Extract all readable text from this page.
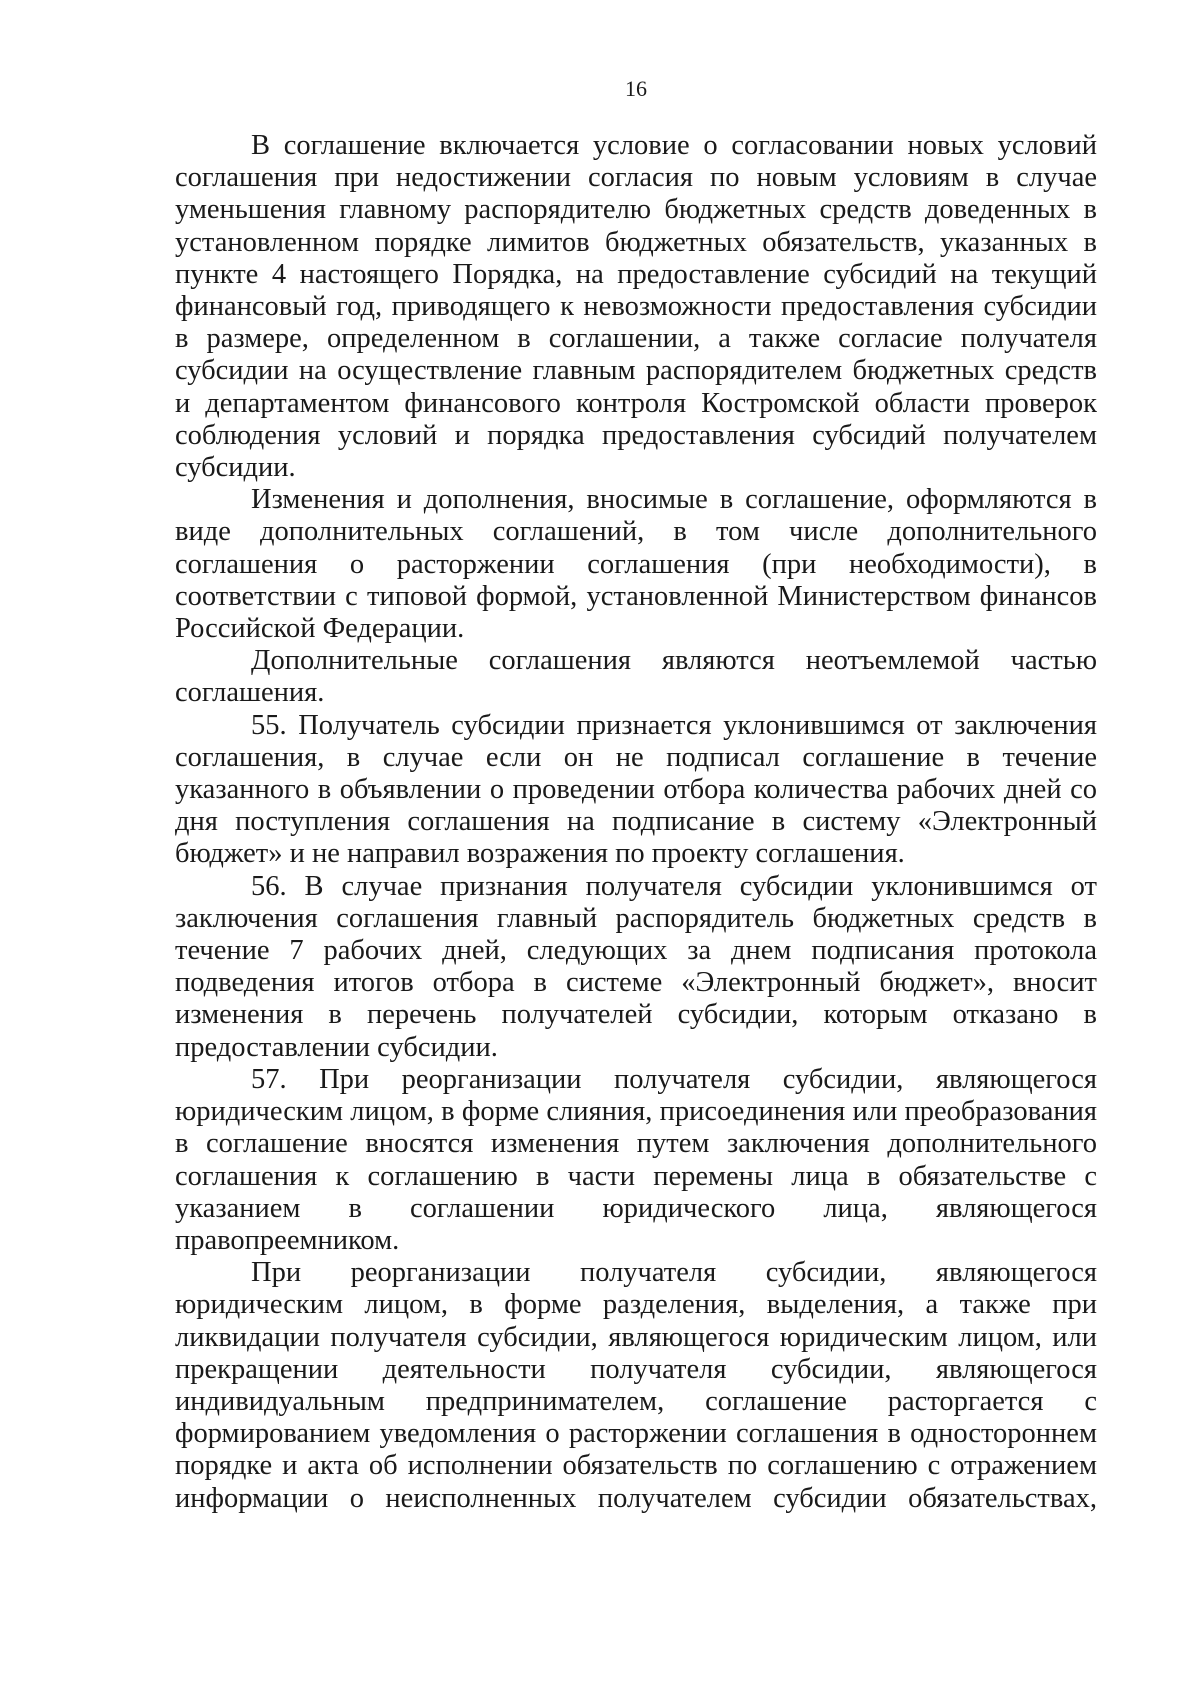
16

В соглашение включается условие о согласовании новых условий соглашения при недостижении согласия по новым условиям в случае уменьшения главному распорядителю бюджетных средств доведенных в установленном порядке лимитов бюджетных обязательств, указанных в пункте 4 настоящего Порядка, на предоставление субсидий на текущий финансовый год, приводящего к невозможности предоставления субсидии в размере, определенном в соглашении, а также согласие получателя субсидии на осуществление главным распорядителем бюджетных средств и департаментом финансового контроля Костромской области проверок соблюдения условий и порядка предоставления субсидий получателем субсидии.

Изменения и дополнения, вносимые в соглашение, оформляются в виде дополнительных соглашений, в том числе дополнительного соглашения о расторжении соглашения (при необходимости), в соответствии с типовой формой, установленной Министерством финансов Российской Федерации.

Дополнительные соглашения являются неотъемлемой частью соглашения.

55. Получатель субсидии признается уклонившимся от заключения соглашения, в случае если он не подписал соглашение в течение указанного в объявлении о проведении отбора количества рабочих дней со дня поступления соглашения на подписание в систему «Электронный бюджет» и не направил возражения по проекту соглашения.

56. В случае признания получателя субсидии уклонившимся от заключения соглашения главный распорядитель бюджетных средств в течение 7 рабочих дней, следующих за днем подписания протокола подведения итогов отбора в системе «Электронный бюджет», вносит изменения в перечень получателей субсидии, которым отказано в предоставлении субсидии.

57. При реорганизации получателя субсидии, являющегося юридическим лицом, в форме слияния, присоединения или преобразования в соглашение вносятся изменения путем заключения дополнительного соглашения к соглашению в части перемены лица в обязательстве с указанием в соглашении юридического лица, являющегося правопреемником.

При реорганизации получателя субсидии, являющегося юридическим лицом, в форме разделения, выделения, а также при ликвидации получателя субсидии, являющегося юридическим лицом, или прекращении деятельности получателя субсидии, являющегося индивидуальным предпринимателем, соглашение расторгается с формированием уведомления о расторжении соглашения в одностороннем порядке и акта об исполнении обязательств по соглашению с отражением информации о неисполненных получателем субсидии обязательствах,
